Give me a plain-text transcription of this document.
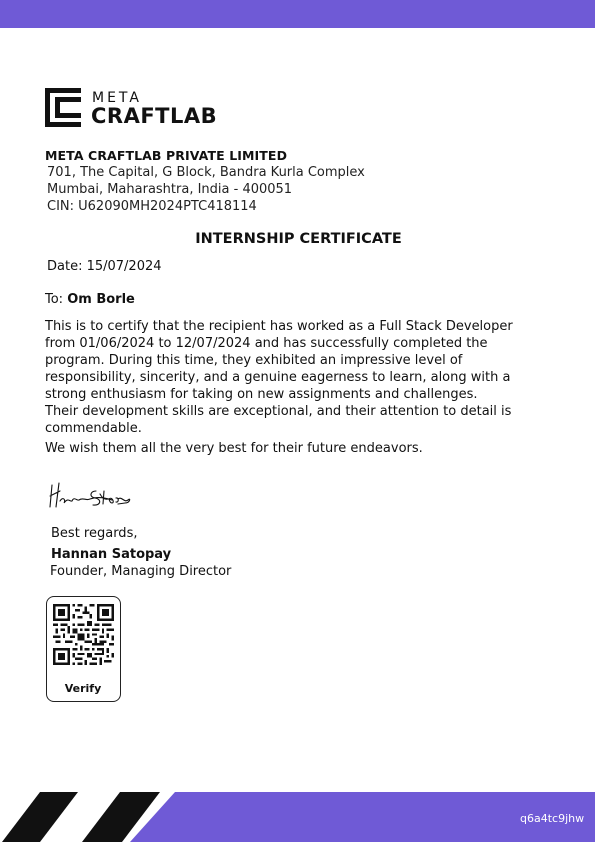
META
CRAFTLAB
META CRAFTLAB PRIVATE LIMITED
701, The Capital, G Block, Bandra Kurla Complex
Mumbai, Maharashtra, India - 400051
CIN: U62090MH2024PTC418114
INTERNSHIP CERTIFICATE
Date: 15/07/2024
To: Om Borle
This is to certify that the recipient has worked as a Full Stack Developer
from 01/06/2024 to 12/07/2024 and has successfully completed the
program. During this time, they exhibited an impressive level of
responsibility, sincerity, and a genuine eagerness to learn, along with a
strong enthusiasm for taking on new assignments and challenges.
Their development skills are exceptional, and their attention to detail is
commendable.
We wish them all the very best for their future endeavors.
Best regards,
Hannan Satopay
Founder, Managing Director
Verify
q6a4tc9jhw
